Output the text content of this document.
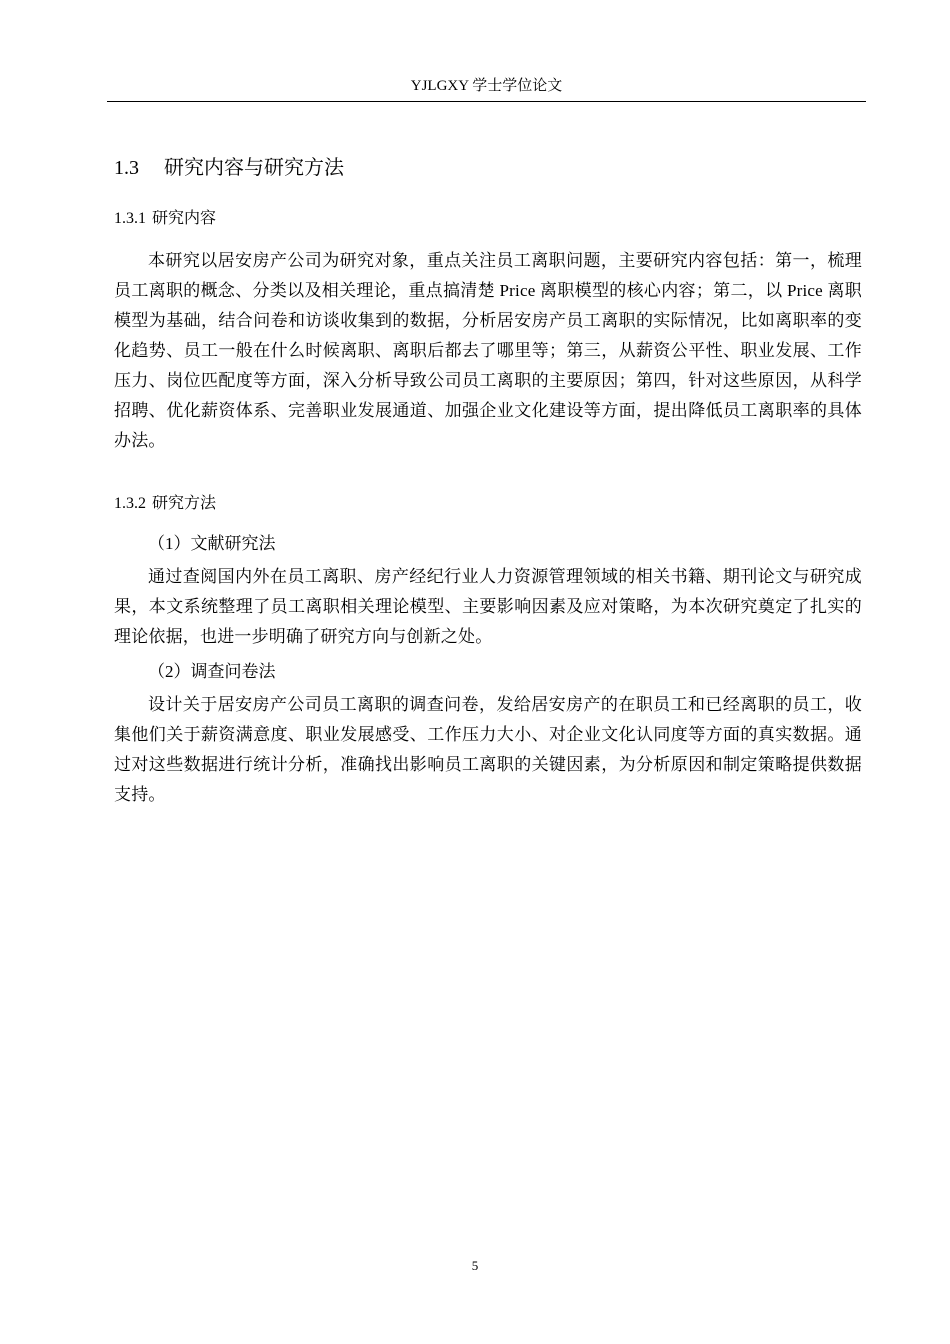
YJLGXY 学士学位论文
1.3 研究内容与研究方法
1.3.1 研究内容

本研究以居安房产公司为研究对象，重点关注员工离职问题，主要研究内容包括：第一，梳理员工离职的概念、分类以及相关理论，重点搞清楚 Price 离职模型的核心内容；第二，以 Price 离职模型为基础，结合问卷和访谈收集到的数据，分析居安房产员工离职的实际情况，比如离职率的变化趋势、员工一般在什么时候离职、离职后都去了哪里等；第三，从薪资公平性、职业发展、工作压力、岗位匹配度等方面，深入分析导致公司员工离职的主要原因；第四，针对这些原因，从科学招聘、优化薪资体系、完善职业发展通道、加强企业文化建设等方面，提出降低员工离职率的具体办法。

1.3.2 研究方法
（1）文献研究法

通过查阅国内外在员工离职、房产经纪行业人力资源管理领域的相关书籍、期刊论文与研究成果，本文系统整理了员工离职相关理论模型、主要影响因素及应对策略，为本次研究奠定了扎实的理论依据，也进一步明确了研究方向与创新之处。

（2）调查问卷法

设计关于居安房产公司员工离职的调查问卷，发给居安房产的在职员工和已经离职的员工，收集他们关于薪资满意度、职业发展感受、工作压力大小、对企业文化认同度等方面的真实数据。通过对这些数据进行统计分析，准确找出影响员工离职的关键因素，为分析原因和制定策略提供数据支持。

5
